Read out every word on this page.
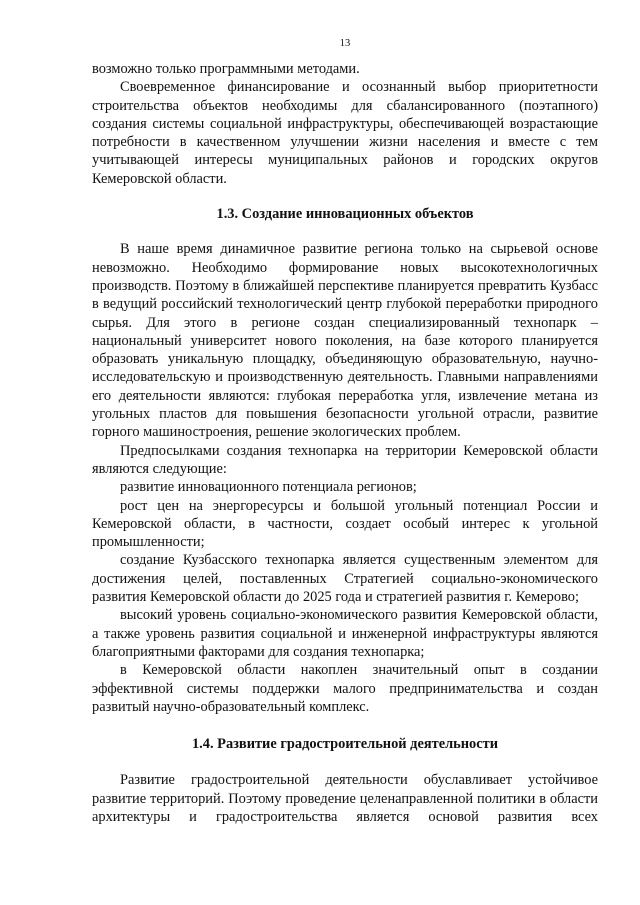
13

возможно только программными методами.

Своевременное финансирование и осознанный выбор приоритетности строительства объектов необходимы для сбалансированного (поэтапного) создания системы социальной инфраструктуры, обеспечивающей возрастающие потребности в качественном улучшении жизни населения и вместе с тем учитывающей интересы муниципальных районов и городских округов Кемеровской области.

1.3. Создание инновационных объектов

В наше время динамичное развитие региона только на сырьевой основе невозможно. Необходимо формирование новых высокотехнологичных производств. Поэтому в ближайшей перспективе планируется превратить Кузбасс в ведущий российский технологический центр глубокой переработки природного сырья. Для этого в регионе создан специализированный технопарк – национальный университет нового поколения, на базе которого планируется образовать уникальную площадку, объединяющую образовательную, научно-исследовательскую и производственную деятельность. Главными направлениями его деятельности являются: глубокая переработка угля, извлечение метана из угольных пластов для повышения безопасности угольной отрасли, развитие горного машиностроения, решение экологических проблем.

Предпосылками создания технопарка на территории Кемеровской области являются следующие:

развитие инновационного потенциала регионов;

рост цен на энергоресурсы и большой угольный потенциал России и Кемеровской области, в частности, создает особый интерес к угольной промышленности;

создание Кузбасского технопарка является существенным элементом для достижения целей, поставленных Стратегией социально-экономического развития Кемеровской области до 2025 года и стратегией развития г. Кемерово;

высокий уровень социально-экономического развития Кемеровской области, а также уровень развития социальной и инженерной инфраструктуры являются благоприятными факторами для создания технопарка;

в Кемеровской области накоплен значительный опыт в создании эффективной системы поддержки малого предпринимательства и создан развитый научно-образовательный комплекс.

1.4. Развитие градостроительной деятельности

Развитие градостроительной деятельности обуславливает устойчивое развитие территорий. Поэтому проведение целенаправленной политики в области архитектуры и градостроительства является основой развития всех
